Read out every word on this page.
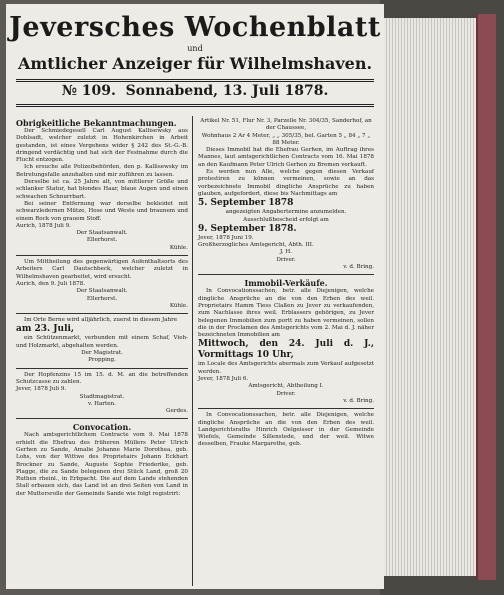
Jeversches Wochenblatt
und
Amtlicher Anzeiger für Wilhelmshaven.
№ 109. Sonnabend, 13. Juli 1878.

Obrigkeitliche Bekanntmachungen.

Der Schmiedegesell Carl August Kallisewsky aus Dohlsadt, welcher zuletzt in Hohenkirchen in Arbeit gestanden, ist eines Vergehens wider § 242 des St.-G.-B. dringend verdächtig und hat sich der Festnahme durch die Flucht entzogen.

Ich ersuche alle Polizeibehörden, den p. Kallisewsky im Betretungsfalle anzuhalten und mir zuführen zu lassen.

Derselbe ist ca. 25 Jahre alt, von mittlerer Größe und schlanker Statur, hat blondes Haar, blaue Augen und einen schwachen Schnurrbart.

Bei seiner Entfernung war derselbe bekleidet mit schwarzledernen Mütze, Hose und Weste und braunem und einem Rock von grauem Stoff.

Aurich, 1878 Juli 9.

Der Staatsanwalt.

Ellerhorst.

Kühle.

Um Mittheilung des gegenwärtigen Aufenthaltsorts des Arbeiters Carl Dautschbeck, welcher zuletzt in Wilhelmshaven gearbeitet, wird ersucht.

Aurich, den 9. Juli 1878.

Der Staatsanwalt.

Ellerhorst.

Kühle.

Im Orte Berne wird alljährlich, zuerst in diesem Jahre

am 23. Juli,

ein Schützenmarkt, verbunden mit einem Schaf, Vieh- und Holzmarkt, abgehalten werden.

Der Magistrat.

Propping.

Der Hopfenzins 15 im 15. d. M. an die betreffenden Schutzcasse zu zahlen.

Jever, 1878 Juli 9.

Stadtmagistrat.

v. Harten.

Gerdes.

Convocation.

Nach amtsgerichtlichem Contracte vom 9. Mai 1878 erhielt die Ehefrau des früheren Müllers Peter Ulrich Gerhen zu Sande, Amalie Johanne Marie Dorothea, geb. Lohs, von der Wittwe des Proprietairs Johann Eckhart Brockner zu Sande, Auguste Sophie Friederike, geb. Plagge, die zu Sande belegenen drei Stück Land, groß 20 Ruthen rheinl., in Erbpacht. Die auf dem Lande stehenden Stall erbauen sich, das Land ist an drei Seiten von Land in der Muttersrolle der Gemeinde Sande wie folgt registrirt:

Artikel Nr. 51, Flur Nr. 3, Parzelle Nr. 304/35, Sanderhof, an der Chaussee,

Wohnhaus 2 Ar 4 Meter, „ „ 305/35, bel. Garten 5 „ 84 „ 7 „ 88 Meter.

Dieses Immobil hat die Ehefrau Gerhen, im Auftrag ihres Mannes, laut amtsgerichtlichen Contracts vom 16. Mai 1878 an den Kaufmann Peter Ulrich Gerhen zu Bremen verkauft.

Es werden nun Alle, welche gegen diesen Verkauf protestiren zu können vermeinen, sowie an das vorbezeichnete Immobil dingliche Ansprüche zu haben glauben, aufgefordert, diese bis Nachmittags am

5. September 1878

angezeigten Angaberterminе anzumelden.

Ausschlußbescheid erfolgt am

9. September 1878.

Jever, 1878 Juni 19.

Großherzogliches Amtsgericht, Abth. III.

J. H.

Driver.

v. d. Bring.

Immobil-Verkäufe.

In Convocationssachen, betr. alle Diejenigen, welche dingliche Ansprüche an die von den Erben des weil. Proprietairs Hamm Tiess Claßen zu Jever zu verkaufenden, zum Nachlasse ihres weil. Erblassers gehörigen, zu Jever belegenen Immobilien zum portt zu haben vermeinen, sollen die in der Proclamen des Amtsgerichts vom 2. Mai d. J. näher bezeichneten Immobilien am

Mittwoch, den 24. Juli d. J., Vormittags 10 Uhr,

im Locale des Amtsgerichts abermals zum Verkauf aufgesetzt werden.

Jever, 1878 Juli 6.

Amtsgericht, Abtheilung I.

Driver.

v. d. Bring.

In Convocationssachen, betr. alle Diejenigen, welche dingliche Ansprüche an die von den Erben des weil. Landgerichtsraths Hinrich Oelgeisser in der Gemeinde Wiefels, Gemeinde Sillenstede, und der weil. Witwe desselben, Frauke Margarethe, geb.
